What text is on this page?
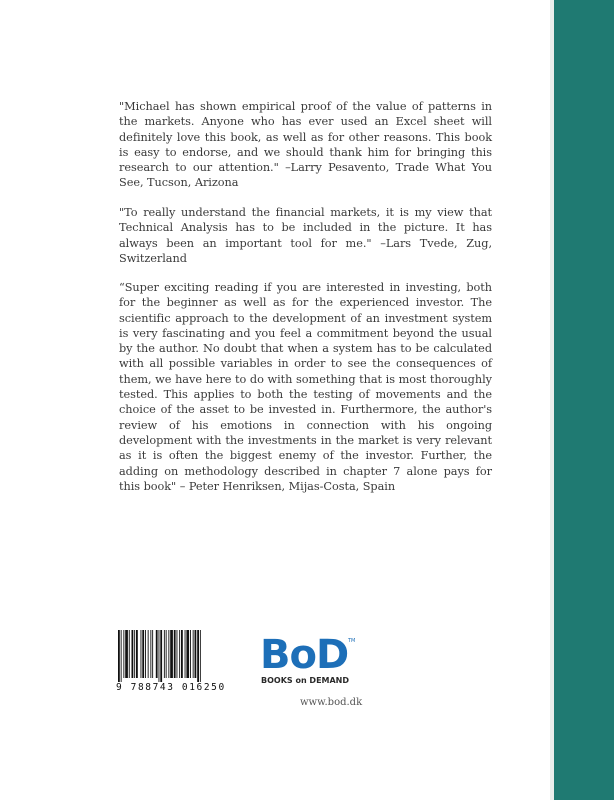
"Michael has shown empirical proof of the value of patterns in the markets. Anyone who has ever used an Excel sheet will definitely love this book, as well as for other reasons. This book is easy to endorse, and we should thank him for bringing this research to our attention." –Larry Pesavento, Trade What You See, Tucson, Arizona

"To really understand the financial markets, it is my view that Technical Analysis has to be included in the picture. It has always been an important tool for me." –Lars Tvede, Zug, Switzerland

“Super exciting reading if you are interested in investing, both for the beginner as well as for the experienced investor. The scientific approach to the development of an investment system is very fascinating and you feel a commitment beyond the usual by the author. No doubt that when a system has to be calculated with all possible variables in order to see the consequences of them, we have here to do with something that is most thoroughly tested. This applies to both the testing of movements and the choice of the asset to be invested in. Furthermore, the author's review of his emotions in connection with his ongoing development with the investments in the market is very relevant as it is often the biggest enemy of the investor. Further, the adding on methodology described in chapter 7 alone pays for this book" – Peter Henriksen, Mijas-Costa, Spain

9 788743 016250
BoD TM
BOOKS on DEMAND
www.bod.dk
